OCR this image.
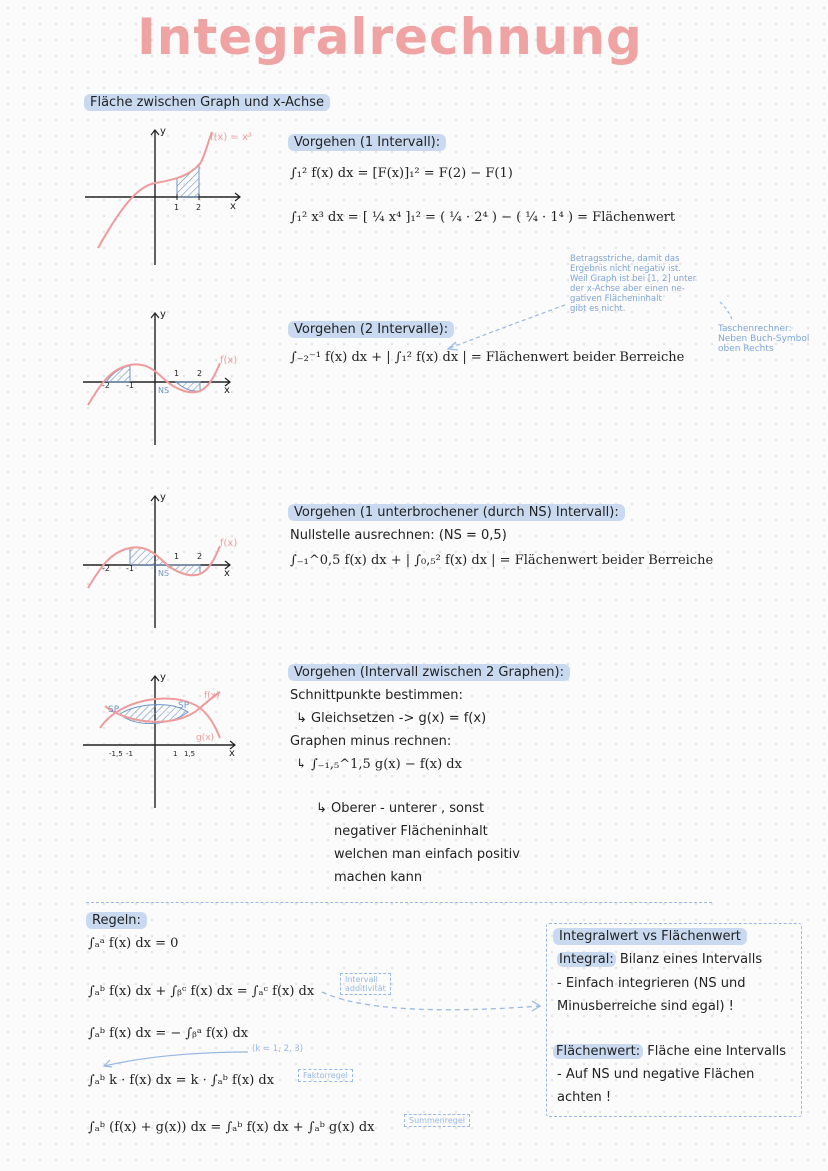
Integralrechnung
Fläche zwischen Graph und x-Achse
y
x
1 2
f(x) = x³
y
x
-2 -1
1 2
NS
f(x)
y
x
-2 -1
1 2
NS
f(x)
y
x
-1,5 -1	1 1,5
SP	SP
f(x)
g(x)
Vorgehen (1 Intervall):
∫₁² f(x) dx = [F(x)]₁² = F(2) − F(1)
∫₁² x³ dx = [ ¼ x⁴ ]₁² = ( ¼ · 2⁴ ) − ( ¼ · 1⁴ ) = Flächenwert
Betragsstriche, damit das
Ergebnis nicht negativ ist.
Weil Graph ist bei [1, 2] unter
der x-Achse aber einen ne-
gativen Flächeninhalt
gibt es nicht.
Taschenrechner:
Neben Buch-Symbol
oben Rechts
Vorgehen (2 Intervalle):
∫₋₂⁻¹ f(x) dx + | ∫₁² f(x) dx | = Flächenwert beider Berreiche
Vorgehen (1 unterbrochener (durch NS) Intervall):
Nullstelle ausrechnen: (NS = 0,5)
∫₋₁^0,5 f(x) dx + | ∫₀,₅² f(x) dx | = Flächenwert beider Berreiche
Vorgehen (Intervall zwischen 2 Graphen):
Schnittpunkte bestimmen:
↳ Gleichsetzen -> g(x) = f(x)
Graphen minus rechnen:
↳ ∫₋₁,₅^1,5 g(x) − f(x) dx
↳ Oberer - unterer , sonst
negativer Flächeninhalt
welchen man einfach positiv
machen kann
Regeln:
∫ₐᵃ f(x) dx = 0
∫ₐᵇ f(x) dx + ∫ᵦᶜ f(x) dx = ∫ₐᶜ f(x) dx
Intervall
additivität
∫ₐᵇ f(x) dx = − ∫ᵦᵃ f(x) dx
(k = 1, 2, 3)
∫ₐᵇ k · f(x) dx = k · ∫ₐᵇ f(x) dx	Faktorregel
∫ₐᵇ (f(x) + g(x)) dx = ∫ₐᵇ f(x) dx + ∫ₐᵇ g(x) dx	Summenregel
Integralwert vs Flächenwert
Integral: Bilanz eines Intervalls
- Einfach integrieren (NS und
Minusberreiche sind egal) !
Flächenwert: Fläche eine Intervalls
- Auf NS und negative Flächen
achten !
